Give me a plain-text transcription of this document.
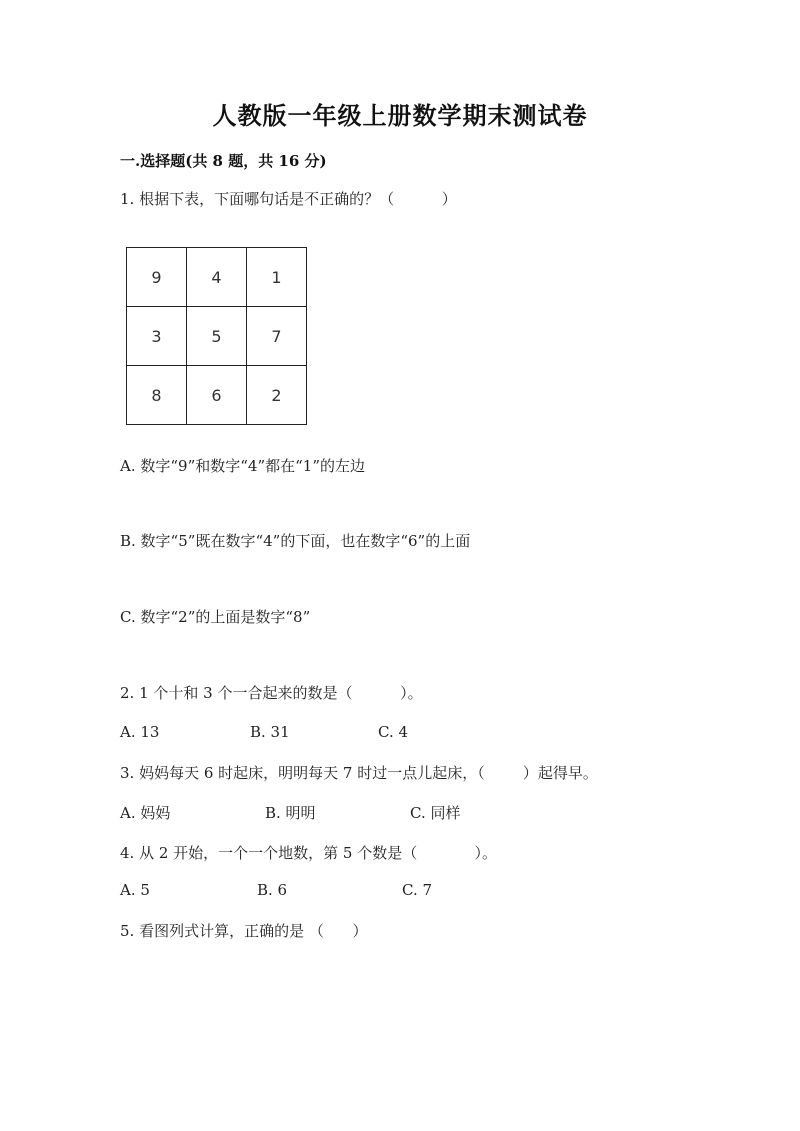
人教版一年级上册数学期末测试卷
一.选择题(共 8 题，共 16 分)
1. 根据下表，下面哪句话是不正确的？（          ）
9	4	1
3	5	7
8	6	2
A. 数字“9”和数字“4”都在“1”的左边
B. 数字“5”既在数字“4”的下面，也在数字“6”的上面
C. 数字“2”的上面是数字“8”
2. 1 个十和 3 个一合起来的数是（          ）。
A. 13	B. 31	C. 4
3. 妈妈每天 6 时起床，明明每天 7 时过一点儿起床，（        ）起得早。
A. 妈妈	B. 明明	C. 同样
4. 从 2 开始，一个一个地数，第 5 个数是（            ）。
A. 5	B. 6	C. 7
5. 看图列式计算，正确的是 （      ）
